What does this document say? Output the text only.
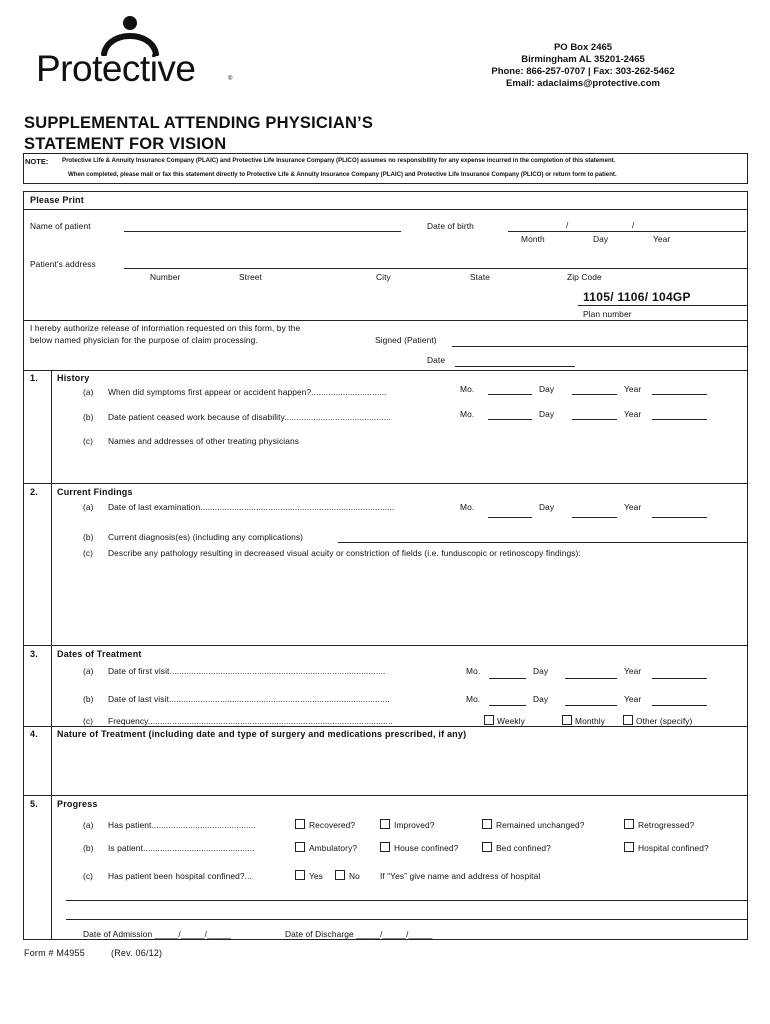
Protective	®
PO Box 2465
Birmingham AL 35201-2465
Phone: 866-257-0707 | Fax: 303-262-5462
Email: adaclaims@protective.com
SUPPLEMENTAL ATTENDING PHYSICIAN’S
STATEMENT FOR VISION
NOTE: Protective Life & Annuity Insurance Company (PLAIC) and Protective Life Insurance Company (PLICO) assumes no responsibility for any expense incurred in the completion of this statement.
When completed, please mail or fax this statement directly to Protective Life & Annuity Insurance Company (PLAIC) and Protective Life Insurance Company (PLICO) or return form to patient.
Please Print
Name of patient	Date of birth	/	/
Month	Day	Year
Patient’s address
Number	Street	City	State	Zip Code
1105/ 1106/ 104GP
Plan number
I hereby authorize release of information requested on this form, by the
below named physician for the purpose of claim processing.	Signed (Patient)
Date
1. History
(a) When did symptoms first appear or accident happen?...............................	Mo.	Day	Year
(b) Date patient ceased work because of disability............................................	Mo.	Day	Year
(c) Names and addresses of other treating physicians
2. Current Findings
(a) Date of last examination................................................................................	Mo.	Day	Year
(b) Current diagnosis(es) (including any complications)
(c) Describe any pathology resulting in decreased visual acuity or constriction of fields (i.e. funduscopic or retinoscopy findings):
3. Dates of Treatment
(a) Date of first visit.........................................................................................	Mo.	Day	Year
(b) Date of last visit...........................................................................................	Mo.	Day	Year
(c) Frequency.....................................................................................................	Weekly	Monthly	Other (specify)
4. Nature of Treatment (including date and type of surgery and medications prescribed, if any)
5. Progress
(a) Has patient...........................................	Recovered?	Improved?	Remained unchanged?	Retrogressed?
(b) Is patient..............................................	Ambulatory?	House confined?	Bed confined?	Hospital confined?
(c) Has patient been hospital confined?...	Yes	No If “Yes” give name and address of hospital
Date of Admission _____/_____/_____	Date of Discharge _____/_____/_____
Form # M4955	(Rev. 06/12)
